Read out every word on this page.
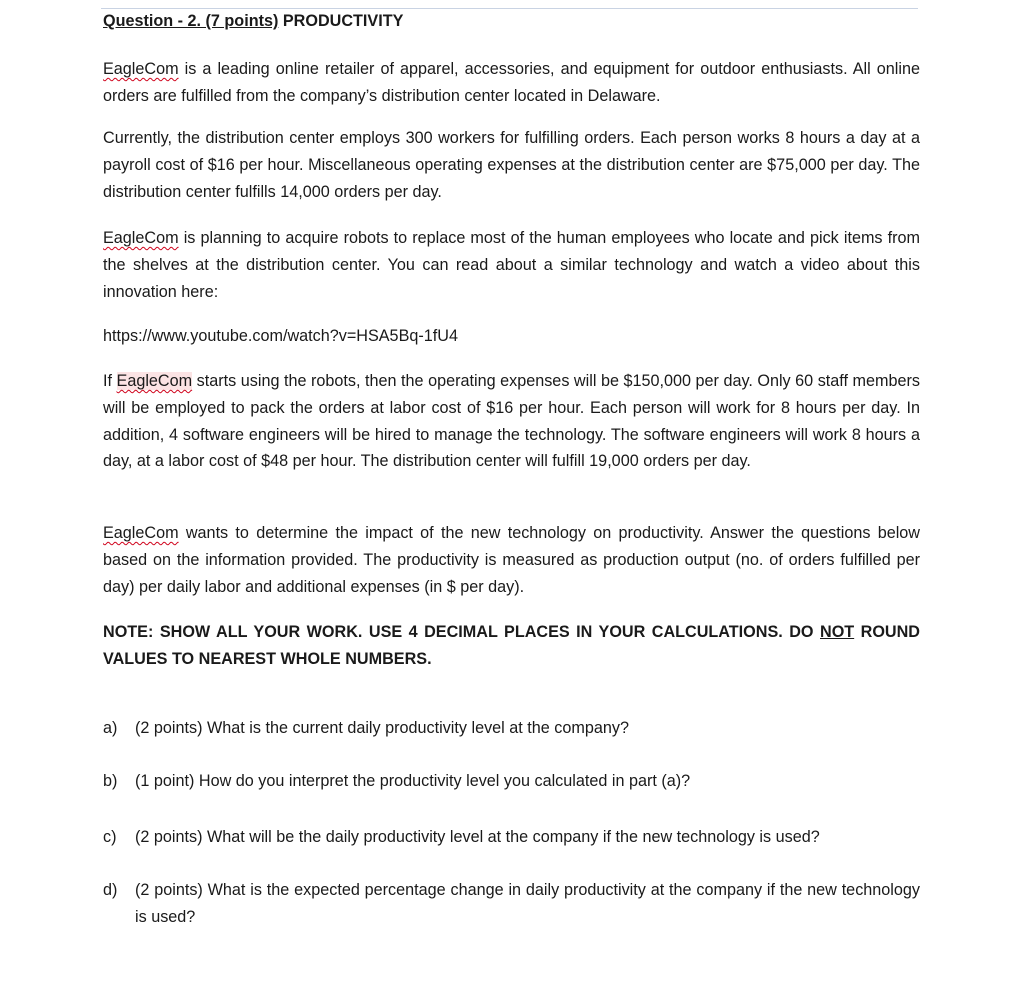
Question - 2. (7 points) PRODUCTIVITY
EagleCom is a leading online retailer of apparel, accessories, and equipment for outdoor enthusiasts. All online orders are fulfilled from the company’s distribution center located in Delaware.
Currently, the distribution center employs 300 workers for fulfilling orders. Each person works 8 hours a day at a payroll cost of $16 per hour. Miscellaneous operating expenses at the distribution center are $75,000 per day. The distribution center fulfills 14,000 orders per day.
EagleCom is planning to acquire robots to replace most of the human employees who locate and pick items from the shelves at the distribution center. You can read about a similar technology and watch a video about this innovation here:
https://www.youtube.com/watch?v=HSA5Bq-1fU4
If EagleCom starts using the robots, then the operating expenses will be $150,000 per day. Only 60 staff members will be employed to pack the orders at labor cost of $16 per hour. Each person will work for 8 hours per day. In addition, 4 software engineers will be hired to manage the technology. The software engineers will work 8 hours a day, at a labor cost of $48 per hour. The distribution center will fulfill 19,000 orders per day.
EagleCom wants to determine the impact of the new technology on productivity. Answer the questions below based on the information provided. The productivity is measured as production output (no. of orders fulfilled per day) per daily labor and additional expenses (in $ per day).
NOTE: SHOW ALL YOUR WORK. USE 4 DECIMAL PLACES IN YOUR CALCULATIONS. DO NOT ROUND VALUES TO NEAREST WHOLE NUMBERS.
a)	(2 points) What is the current daily productivity level at the company?
b)	(1 point) How do you interpret the productivity level you calculated in part (a)?
c)	(2 points) What will be the daily productivity level at the company if the new technology is used?
d)	(2 points) What is the expected percentage change in daily productivity at the company if the new technology is used?
